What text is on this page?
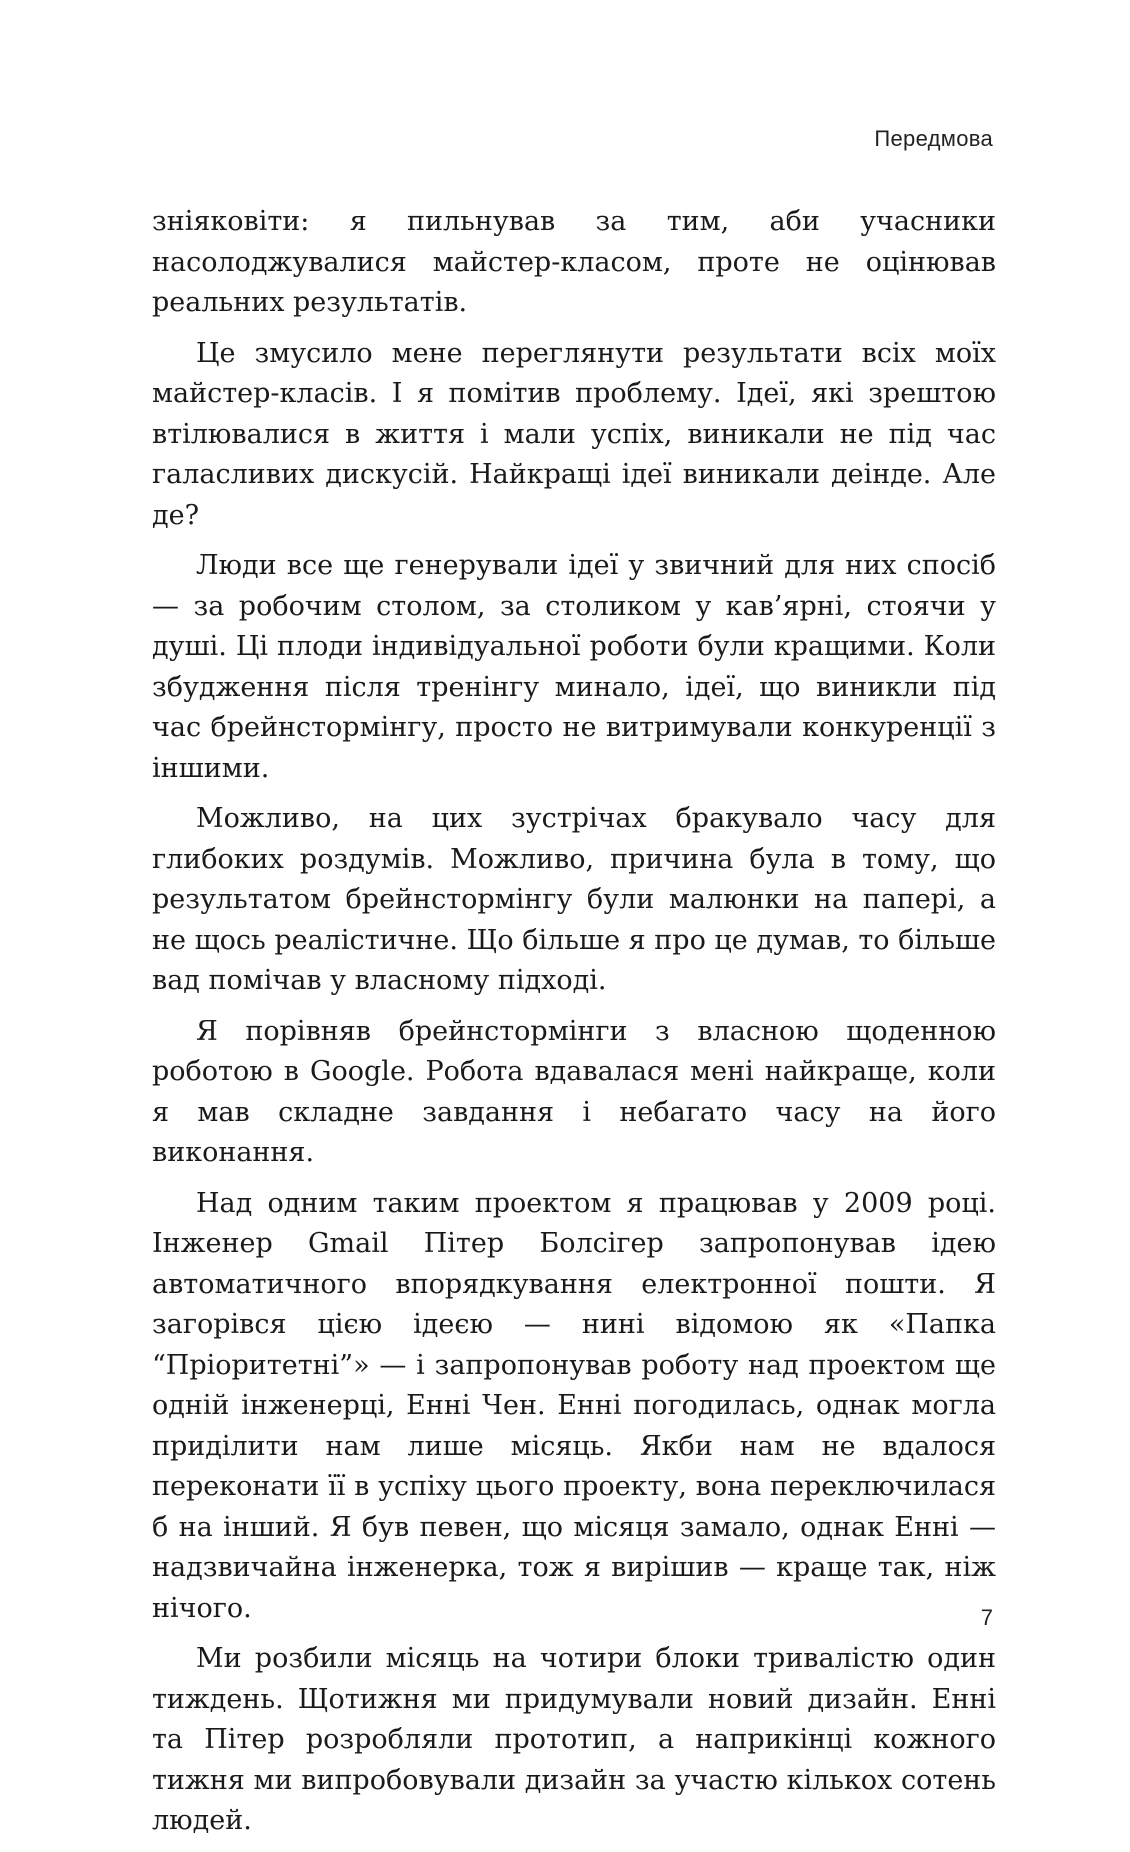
Передмова

зніяковіти: я пильнував за тим, аби учасники насолоджувалися майстер-класом, проте не оцінював реальних результатів.

Це змусило мене переглянути результати всіх моїх майстер-класів. І я помітив проблему. Ідеї, які зрештою втілювалися в життя і мали успіх, виникали не під час галасливих дискусій. Найкращі ідеї виникали деінде. Але де?

Люди все ще генерували ідеї у звичний для них спосіб — за робочим столом, за столиком у кав’ярні, стоячи у душі. Ці плоди індивідуальної роботи були кращими. Коли збудження після тренінгу минало, ідеї, що виникли під час брейнстормінгу, просто не витримували конкуренції з іншими.

Можливо, на цих зустрічах бракувало часу для глибоких роздумів. Можливо, причина була в тому, що результатом брейнстормінгу були малюнки на папері, а не щось реалістичне. Що більше я про це думав, то більше вад помічав у власному підході.

Я порівняв брейнстормінги з власною щоденною роботою в Google. Робота вдавалася мені найкраще, коли я мав складне завдання і небагато часу на його виконання.

Над одним таким проектом я працював у 2009 році. Інженер Gmail Пітер Болсігер запропонував ідею автоматичного впорядкування електронної пошти. Я загорівся цією ідеєю — нині відомою як «Папка “Пріоритетні”» — і запропонував роботу над проектом ще одній інженерці, Енні Чен. Енні погодилась, однак могла приділити нам лише місяць. Якби нам не вдалося переконати її в успіху цього проекту, вона переключилася б на інший. Я був певен, що місяця замало, однак Енні — надзвичайна інженерка, тож я вирішив — краще так, ніж нічого.

Ми розбили місяць на чотири блоки тривалістю один тиждень. Щотижня ми придумували новий дизайн. Енні та Пітер розробляли прототип, а наприкінці кожного тижня ми випробовували дизайн за участю кількох сотень людей.

7
